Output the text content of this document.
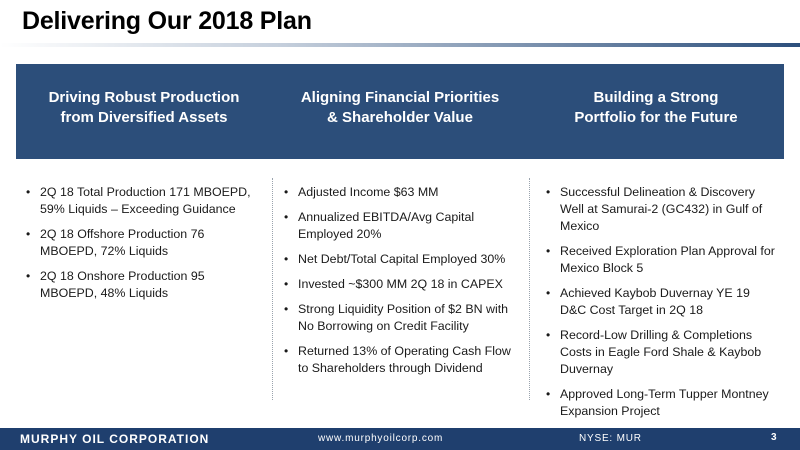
Delivering Our 2018 Plan
Driving Robust Production
from Diversified Assets
Aligning Financial Priorities
& Shareholder Value
Building a Strong
Portfolio for the Future
• 2Q 18 Total Production 171 MBOEPD, 59% Liquids – Exceeding Guidance
• 2Q 18 Offshore Production 76 MBOEPD, 72% Liquids
• 2Q 18 Onshore Production 95 MBOEPD, 48% Liquids
• Adjusted Income $63 MM
• Annualized EBITDA/Avg Capital Employed 20%
• Net Debt/Total Capital Employed 30%
• Invested ~$300 MM 2Q 18 in CAPEX
• Strong Liquidity Position of $2 BN with No Borrowing on Credit Facility
• Returned 13% of Operating Cash Flow to Shareholders through Dividend
• Successful Delineation & Discovery Well at Samurai-2 (GC432) in Gulf of Mexico
• Received Exploration Plan Approval for Mexico Block 5
• Achieved Kaybob Duvernay YE 19 D&C Cost Target in 2Q 18
• Record-Low Drilling & Completions Costs in Eagle Ford Shale & Kaybob Duvernay
• Approved Long-Term Tupper Montney Expansion Project
MURPHY OIL CORPORATION	www.murphyoilcorp.com	NYSE: MUR	3
